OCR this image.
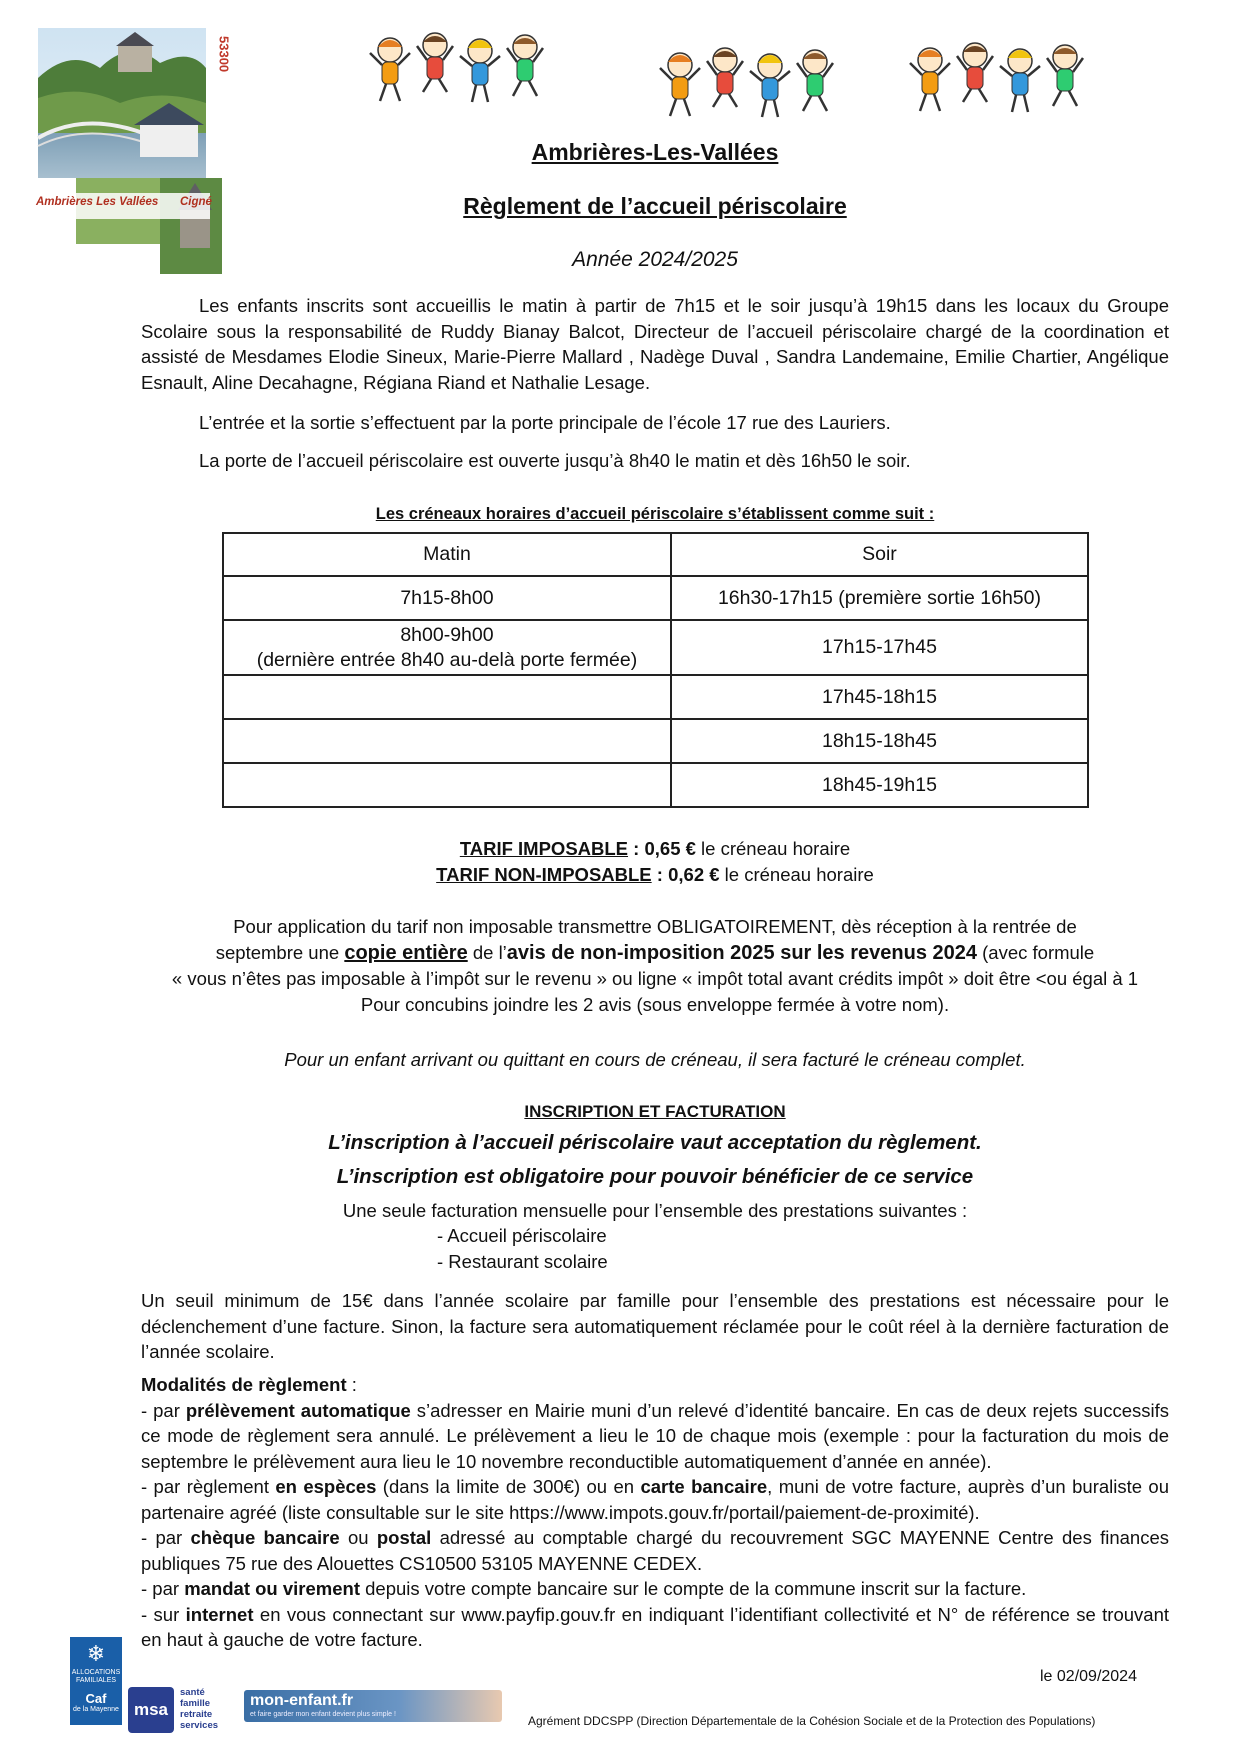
53300
Ambrières Les Vallées Cigné
Ambrières-Les-Vallées
Règlement de l’accueil périscolaire
Année 2024/2025
Les enfants inscrits sont accueillis le matin à partir de 7h15 et le soir jusqu’à 19h15 dans les locaux du Groupe Scolaire sous la responsabilité de Ruddy Bianay Balcot, Directeur de l’accueil périscolaire chargé de la coordination et assisté de Mesdames Elodie Sineux, Marie-Pierre Mallard , Nadège Duval , Sandra Landemaine, Emilie Chartier, Angélique Esnault, Aline Decahagne, Régiana Riand et Nathalie Lesage.
L’entrée et la sortie s’effectuent par la porte principale de l’école 17 rue des Lauriers.
La porte de l’accueil périscolaire est ouverte jusqu’à 8h40 le matin et dès 16h50 le soir.
Les créneaux horaires d’accueil périscolaire s’établissent comme suit :
Matin	Soir
7h15-8h00	16h30-17h15 (première sortie 16h50)

8h00-9h00
(dernière entrée 8h40 au-delà porte fermée)	17h15-17h45
	17h45-18h15
	18h15-18h45
	18h45-19h15
TARIF IMPOSABLE : 0,65 € le créneau horaire
TARIF NON-IMPOSABLE : 0,62 € le créneau horaire
Pour application du tarif non imposable transmettre OBLIGATOIREMENT, dès réception à la rentrée de
septembre une copie entière de l’avis de non-imposition 2025 sur les revenus 2024 (avec formule
« vous n’êtes pas imposable à l’impôt sur le revenu » ou ligne « impôt total avant crédits impôt » doit être <ou égal à 1
Pour concubins joindre les 2 avis (sous enveloppe fermée à votre nom).
Pour un enfant arrivant ou quittant en cours de créneau, il sera facturé le créneau complet.
INSCRIPTION ET FACTURATION
L’inscription à l’accueil périscolaire vaut acceptation du règlement.
L’inscription est obligatoire pour pouvoir bénéficier de ce service
Une seule facturation mensuelle pour l’ensemble des prestations suivantes :
- Accueil périscolaire
- Restaurant scolaire
Un seuil minimum de 15€ dans l’année scolaire par famille pour l’ensemble des prestations est nécessaire pour le déclenchement d’une facture. Sinon, la facture sera automatiquement réclamée pour le coût réel à la dernière facturation de l’année scolaire.
Modalités de règlement :
- par prélèvement automatique s’adresser en Mairie muni d’un relevé d’identité bancaire. En cas de deux rejets successifs ce mode de règlement sera annulé. Le prélèvement a lieu le 10 de chaque mois (exemple : pour la facturation du mois de septembre le prélèvement aura lieu le 10 novembre reconductible automatiquement d’année en année).
- par règlement en espèces (dans la limite de 300€) ou en carte bancaire, muni de votre facture, auprès d’un buraliste ou partenaire agréé (liste consultable sur le site https://www.impots.gouv.fr/portail/paiement-de-proximité).
- par chèque bancaire ou postal adressé au comptable chargé du recouvrement SGC MAYENNE Centre des finances publiques 75 rue des Alouettes CS10500 53105 MAYENNE CEDEX.
- par mandat ou virement depuis votre compte bancaire sur le compte de la commune inscrit sur la facture.
- sur internet en vous connectant sur www.payfip.gouv.fr en indiquant l’identifiant collectivité et N° de référence se trouvant en haut à gauche de votre facture.
❄
ALLOCATIONS
FAMILIALES
Caf
de la Mayenne msa
santé
famille
retraite
services
mon-enfant.fr
et faire garder mon enfant devient plus simple !
le 02/09/2024
Agrément DDCSPP (Direction Départementale de la Cohésion Sociale et de la Protection des Populations)
